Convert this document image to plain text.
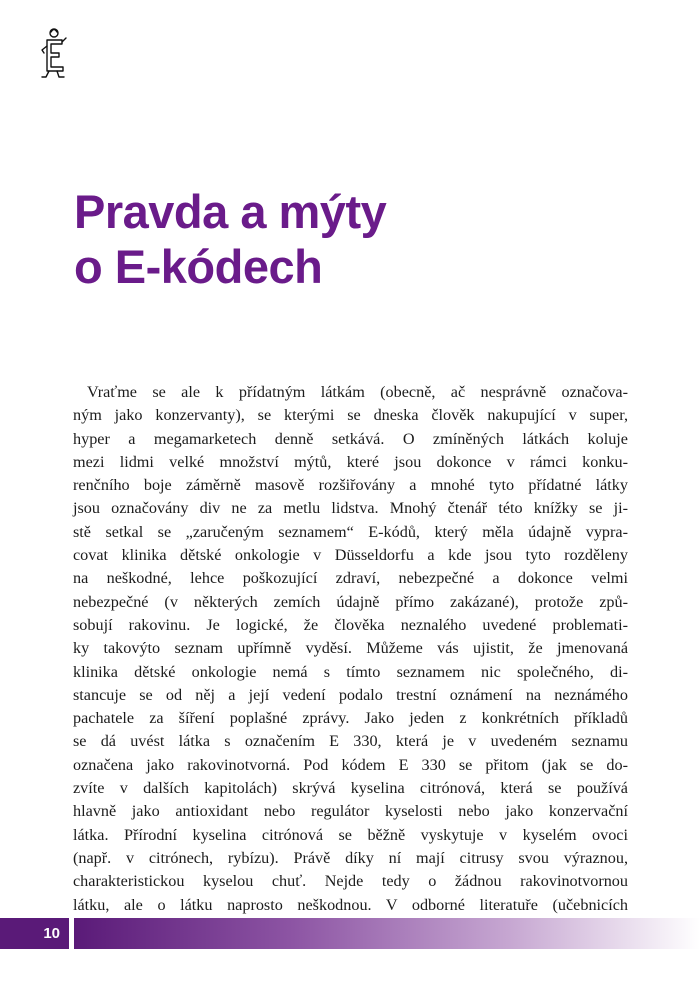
Pravda a mýty
o E-kódech
Vraťme se ale k přídatným látkám (obecně, ač nesprávně označova-
ným jako konzervanty), se kterými se dneska člověk nakupující v super,
hyper a megamarketech denně setkává. O zmíněných látkách koluje
mezi lidmi velké množství mýtů, které jsou dokonce v rámci konku-
renčního boje záměrně masově rozšiřovány a mnohé tyto přídatné látky
jsou označovány div ne za metlu lidstva. Mnohý čtenář této knížky se ji-
stě setkal se „zaručeným seznamem“ E-kódů, který měla údajně vypra-
covat klinika dětské onkologie v Düsseldorfu a kde jsou tyto rozděleny
na neškodné, lehce poškozující zdraví, nebezpečné a dokonce velmi
nebezpečné (v některých zemích údajně přímo zakázané), protože způ-
sobují rakovinu. Je logické, že člověka neznalého uvedené problemati-
ky takovýto seznam upřímně vyděsí. Můžeme vás ujistit, že jmenovaná
klinika dětské onkologie nemá s tímto seznamem nic společného, di-
stancuje se od něj a její vedení podalo trestní oznámení na neznámého
pachatele za šíření poplašné zprávy. Jako jeden z konkrétních příkladů
se dá uvést látka s označením E 330, která je v uvedeném seznamu
označena jako rakovinotvorná. Pod kódem E 330 se přitom (jak se do-
zvíte v dalších kapitolách) skrývá kyselina citrónová, která se používá
hlavně jako antioxidant nebo regulátor kyselosti nebo jako konzervační
látka. Přírodní kyselina citrónová se běžně vyskytuje v kyselém ovoci
(např. v citrónech, rybízu). Právě díky ní mají citrusy svou výraznou,
charakteristickou kyselou chuť. Nejde tedy o žádnou rakovinotvornou
látku, ale o látku naprosto neškodnou. V odborné literatuře (učebnicích
10
